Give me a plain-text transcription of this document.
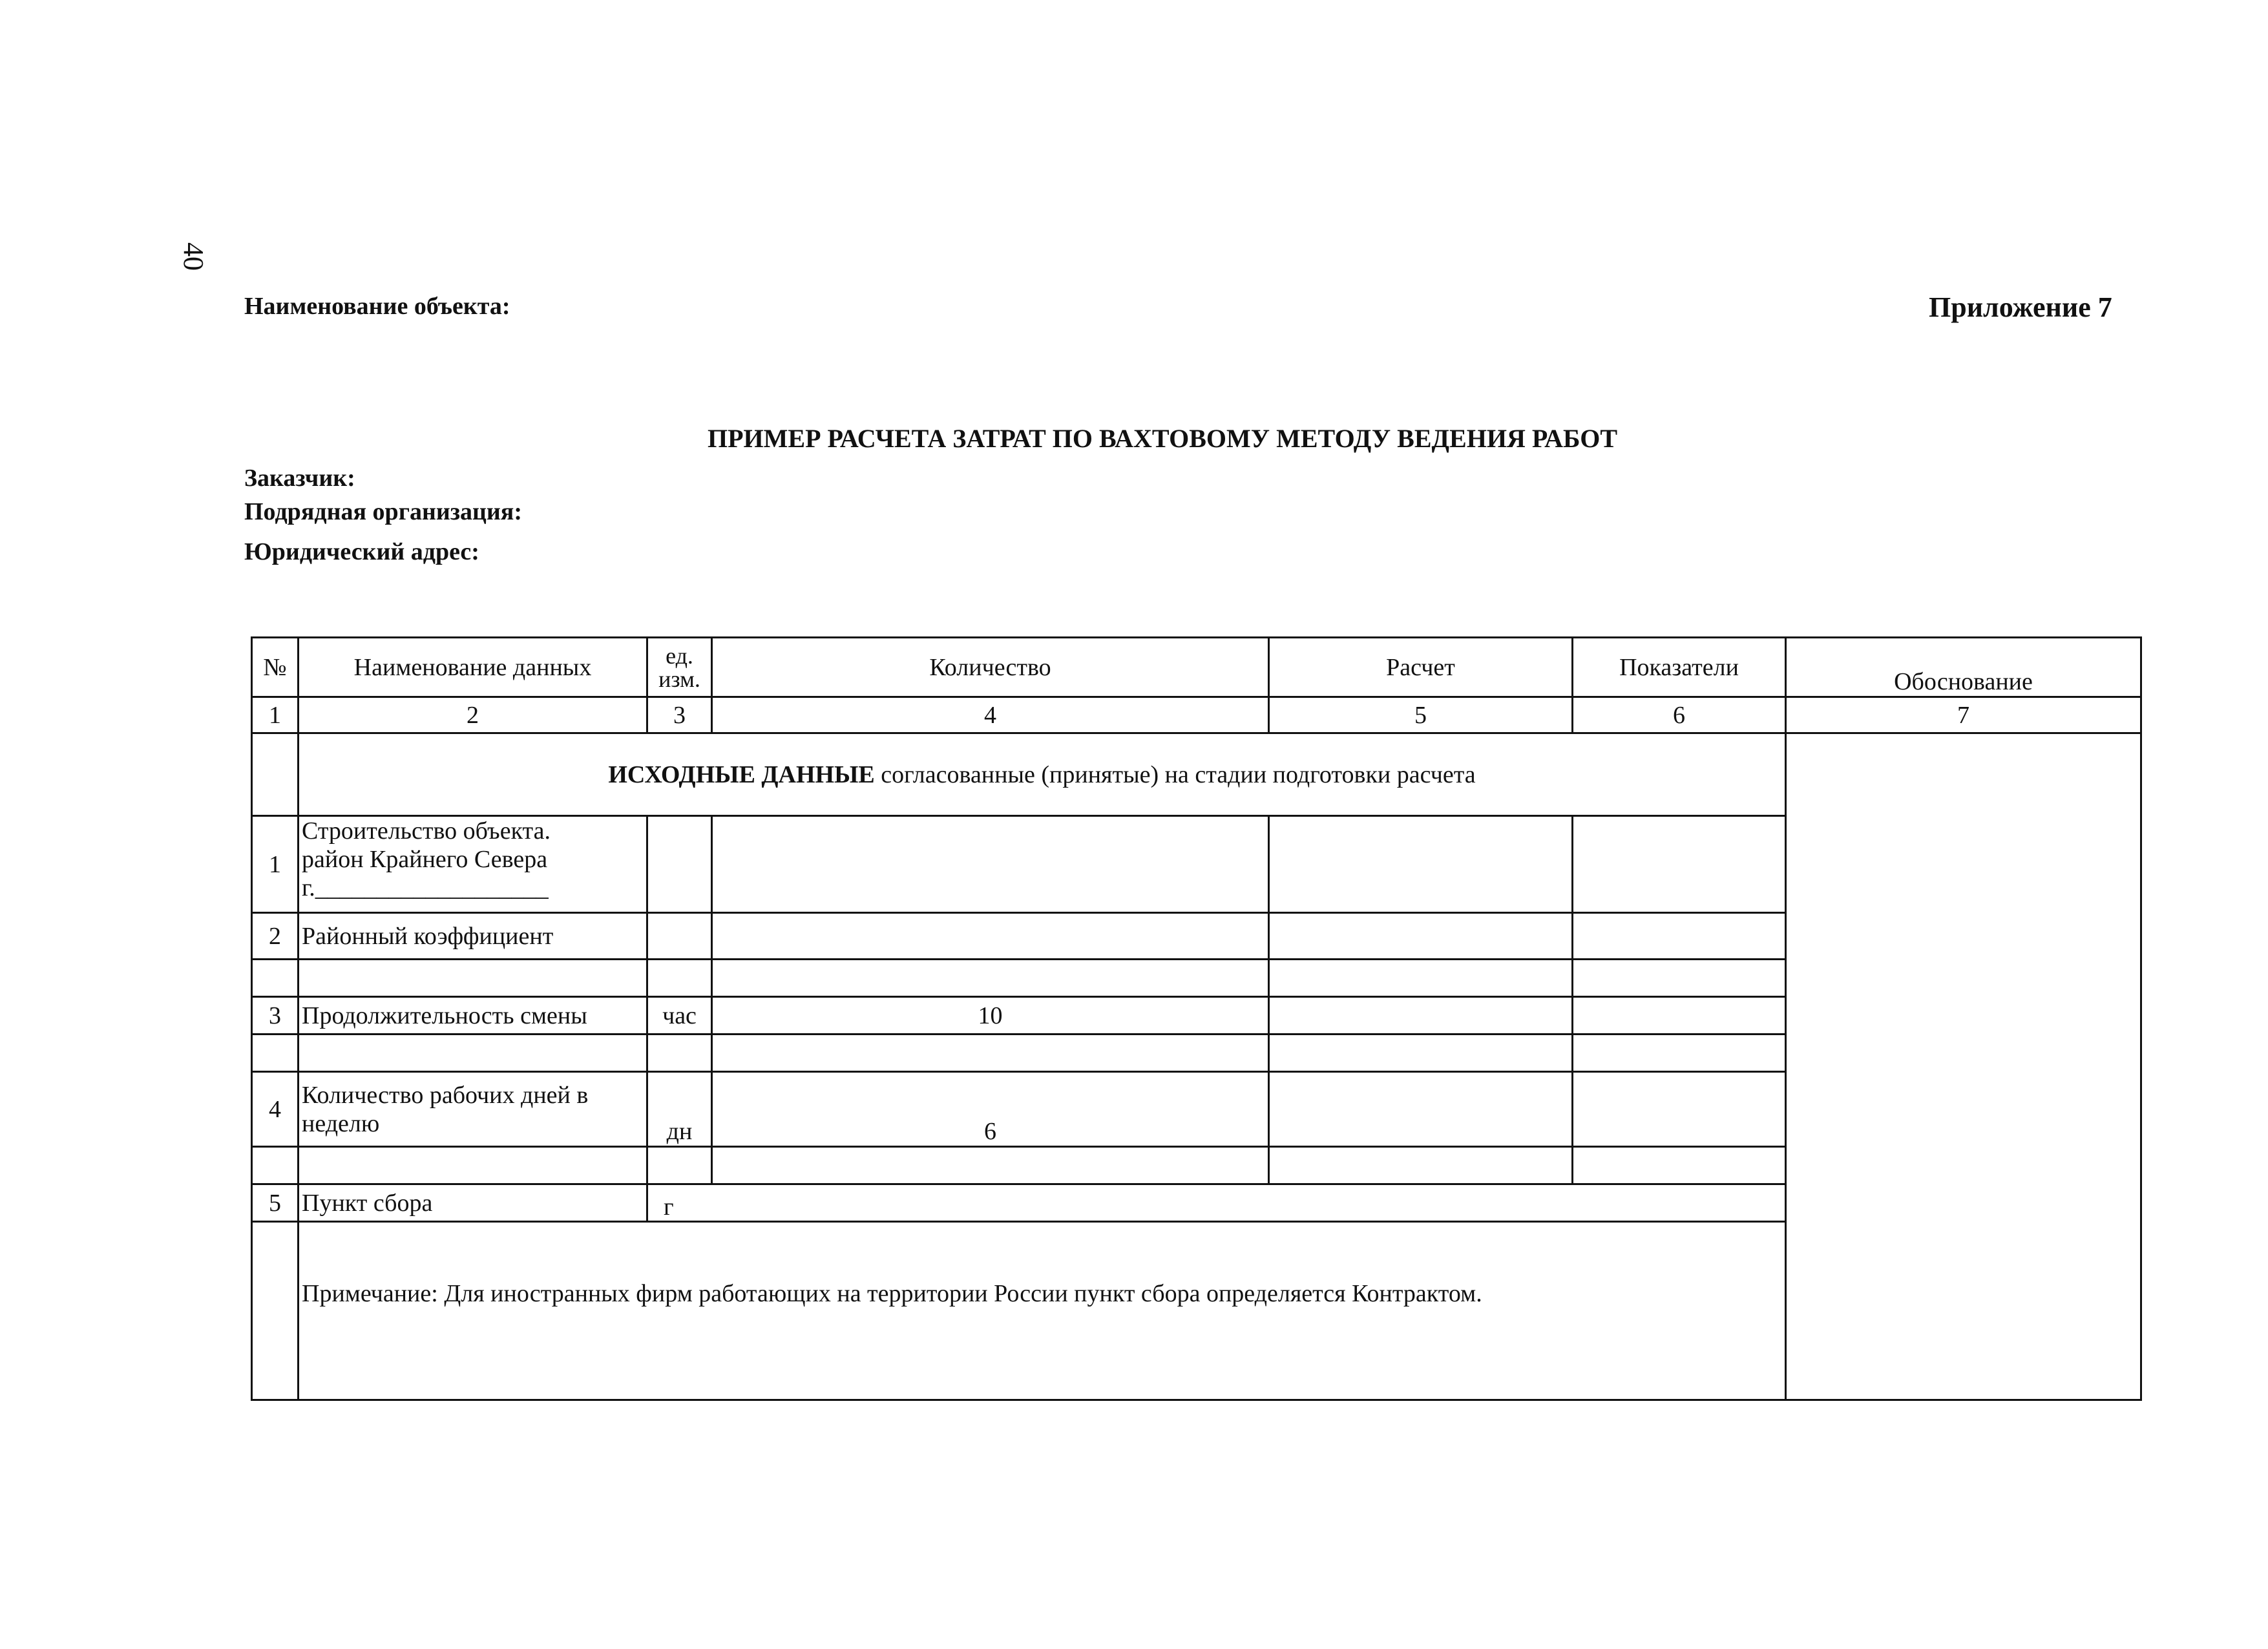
40
Наименование объекта:	Приложение 7
ПРИМЕР РАСЧЕТА ЗАТРАТ ПО ВАХТОВОМУ МЕТОДУ ВЕДЕНИЯ РАБОТ
Заказчик:
Подрядная организация:
Юридический адрес:
№	Наименование данных	ед. изм.	Количество	Расчет	Показатели	Обоснование
1	2	3	4	5	6	7
	ИСХОДНЫЕ ДАННЫЕ согласованные (принятые) на стадии подготовки расчета					
1	Строительство объекта.
район Крайнего Севера
г.___________________					

2	Районный коэффициент					

3	Продолжительность смены	час	10			

4	Количество рабочих дней в
неделю	дн	6			

5	Пункт сбора	г				
	Примечание: Для иностранных фирм работающих на территории России пункт сбора определяется Контрактом.					
